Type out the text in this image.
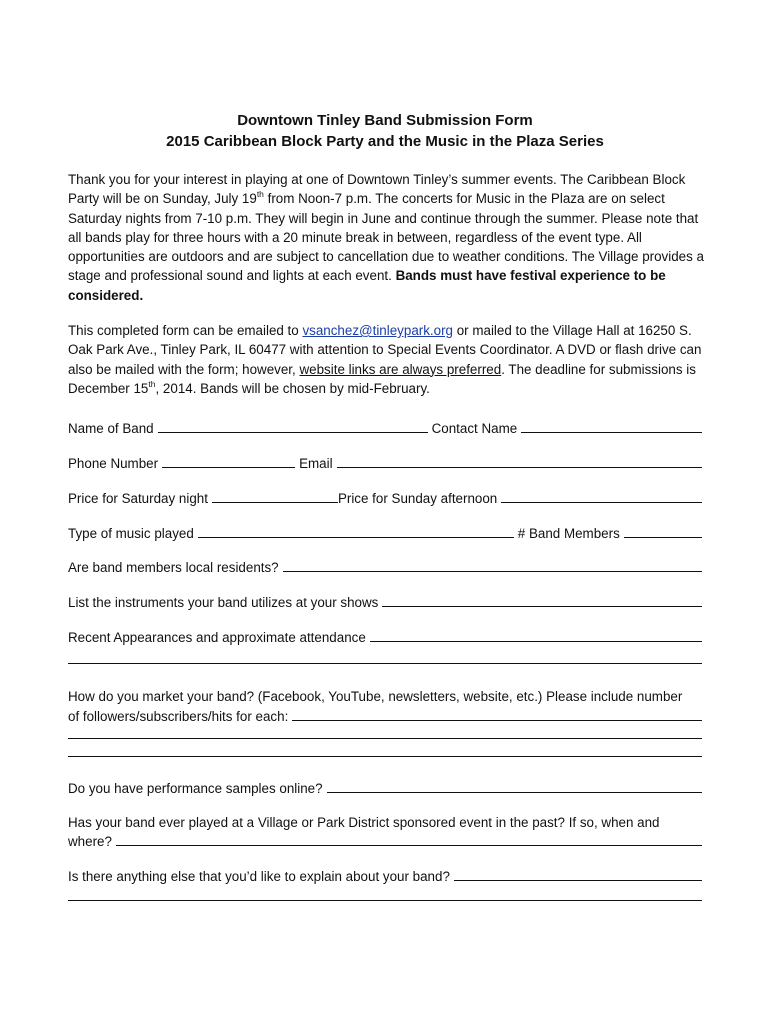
Downtown Tinley Band Submission Form
2015 Caribbean Block Party and the Music in the Plaza Series

Thank you for your interest in playing at one of Downtown Tinley’s summer events. The Caribbean Block Party will be on Sunday, July 19th from Noon-7 p.m. The concerts for Music in the Plaza are on select Saturday nights from 7-10 p.m. They will begin in June and continue through the summer. Please note that all bands play for three hours with a 20 minute break in between, regardless of the event type. All opportunities are outdoors and are subject to cancellation due to weather conditions. The Village provides a stage and professional sound and lights at each event. Bands must have festival experience to be considered.

This completed form can be emailed to vsanchez@tinleypark.org or mailed to the Village Hall at 16250 S. Oak Park Ave., Tinley Park, IL 60477 with attention to Special Events Coordinator. A DVD or flash drive can also be mailed with the form; however, website links are always preferred. The deadline for submissions is December 15th, 2014. Bands will be chosen by mid-February.

Name of Band	Contact Name
Phone Number	Email
Price for Saturday night	Price for Sunday afternoon
Type of music played	# Band Members
Are band members local residents?
List the instruments your band utilizes at your shows
Recent Appearances and approximate attendance
How do you market your band? (Facebook, YouTube, newsletters, website, etc.) Please include number
of followers/subscribers/hits for each:
Do you have performance samples online?
Has your band ever played at a Village or Park District sponsored event in the past? If so, when and
where?
Is there anything else that you’d like to explain about your band?
